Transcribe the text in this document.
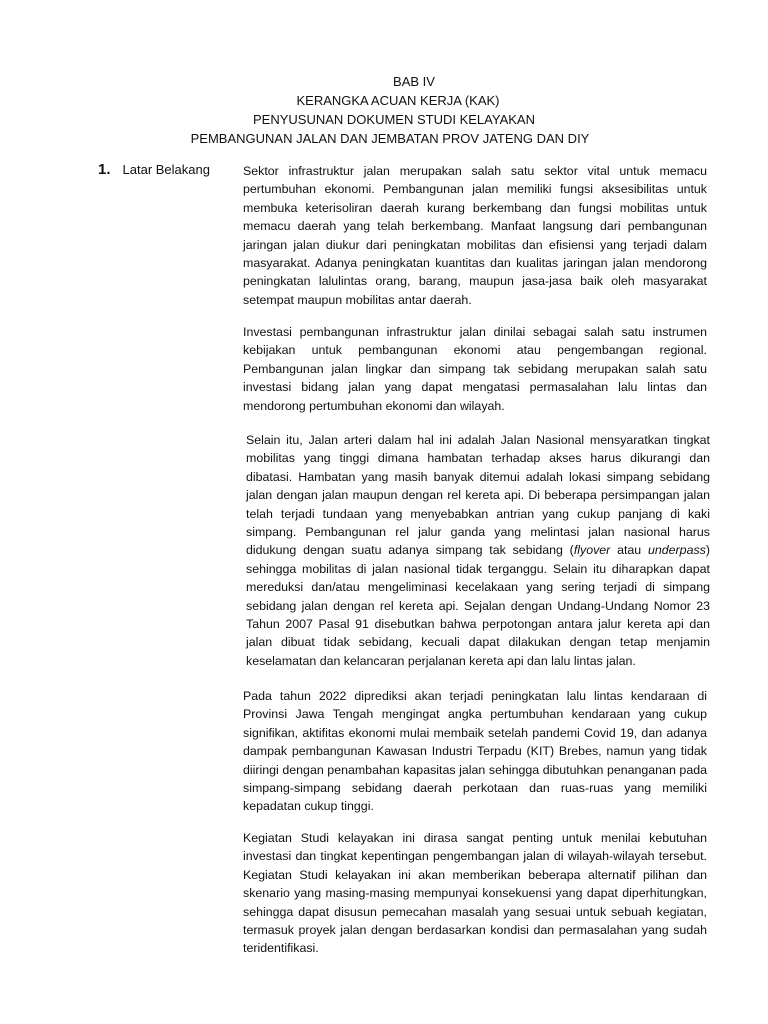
BAB IV
KERANGKA ACUAN KERJA (KAK)
PENYUSUNAN DOKUMEN STUDI KELAYAKAN
PEMBANGUNAN JALAN DAN JEMBATAN PROV JATENG DAN DIY
1. Latar Belakang	Sektor infrastruktur jalan merupakan salah satu sektor vital untuk memacu pertumbuhan ekonomi. Pembangunan jalan memiliki fungsi aksesibilitas untuk membuka keterisoliran daerah kurang berkembang dan fungsi mobilitas untuk memacu daerah yang telah berkembang. Manfaat langsung dari pembangunan jaringan jalan diukur dari peningkatan mobilitas dan efisiensi yang terjadi dalam masyarakat. Adanya peningkatan kuantitas dan kualitas jaringan jalan mendorong peningkatan lalulintas orang, barang, maupun jasa-jasa baik oleh masyarakat setempat maupun mobilitas antar daerah.

Investasi pembangunan infrastruktur jalan dinilai sebagai salah satu instrumen kebijakan untuk pembangunan ekonomi atau pengembangan regional. Pembangunan jalan lingkar dan simpang tak sebidang merupakan salah satu investasi bidang jalan yang dapat mengatasi permasalahan lalu lintas dan mendorong pertumbuhan ekonomi dan wilayah.

Selain itu, Jalan arteri dalam hal ini adalah Jalan Nasional mensyaratkan tingkat mobilitas yang tinggi dimana hambatan terhadap akses harus dikurangi dan dibatasi. Hambatan yang masih banyak ditemui adalah lokasi simpang sebidang jalan dengan jalan maupun dengan rel kereta api. Di beberapa persimpangan jalan telah terjadi tundaan yang menyebabkan antrian yang cukup panjang di kaki simpang. Pembangunan rel jalur ganda yang melintasi jalan nasional harus didukung dengan suatu adanya simpang tak sebidang (flyover atau underpass) sehingga mobilitas di jalan nasional tidak terganggu. Selain itu diharapkan dapat mereduksi dan/atau mengeliminasi kecelakaan yang sering terjadi di simpang sebidang jalan dengan rel kereta api. Sejalan dengan Undang-Undang Nomor 23 Tahun 2007 Pasal 91 disebutkan bahwa perpotongan antara jalur kereta api dan jalan dibuat tidak sebidang, kecuali dapat dilakukan dengan tetap menjamin keselamatan dan kelancaran perjalanan kereta api dan lalu lintas jalan.

Pada tahun 2022 diprediksi akan terjadi peningkatan lalu lintas kendaraan di Provinsi Jawa Tengah mengingat angka pertumbuhan kendaraan yang cukup signifikan, aktifitas ekonomi mulai membaik setelah pandemi Covid 19, dan adanya dampak pembangunan Kawasan Industri Terpadu (KIT) Brebes, namun yang tidak diiringi dengan penambahan kapasitas jalan sehingga dibutuhkan penanganan pada simpang-simpang sebidang daerah perkotaan dan ruas-ruas yang memiliki kepadatan cukup tinggi.

Kegiatan Studi kelayakan ini dirasa sangat penting untuk menilai kebutuhan investasi dan tingkat kepentingan pengembangan jalan di wilayah-wilayah tersebut. Kegiatan Studi kelayakan ini akan memberikan beberapa alternatif pilihan dan skenario yang masing-masing mempunyai konsekuensi yang dapat diperhitungkan, sehingga dapat disusun pemecahan masalah yang sesuai untuk sebuah kegiatan, termasuk proyek jalan dengan berdasarkan kondisi dan permasalahan yang sudah teridentifikasi.
